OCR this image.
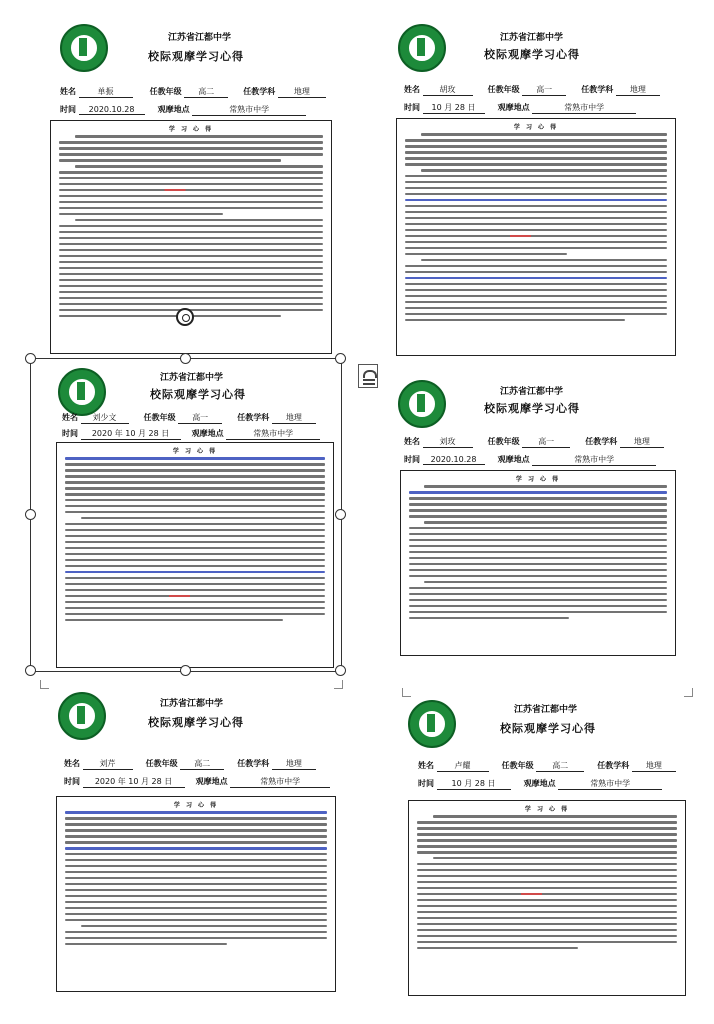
江苏省江都中学
校际观摩学习心得
姓名	单振	任教年级 高二	任教学科 地理
时间 2020.10.28	观摩地点	常熟市中学
学 习 心 得
江苏省江都中学
校际观摩学习心得
姓名 胡玫	任教年级 高一	任教学科 地理
时间 10 月 28 日	观摩地点	常熟市中学
学 习 心 得
江苏省江都中学
校际观摩学习心得
姓名 刘少文	任教年级 高一	任教学科 地理
时间 2020 年 10 月 28 日	观摩地点	常熟市中学
学 习 心 得
江苏省江都中学
校际观摩学习心得
姓名 刘玫	任教年级 高一	任教学科 地理
时间 2020.10.28	观摩地点	常熟市中学
学 习 心 得
江苏省江都中学
校际观摩学习心得
姓名 刘芹	任教年级 高二	任教学科 地理
时间 2020 年 10 月 28 日	观摩地点	常熟市中学
学 习 心 得
江苏省江都中学
校际观摩学习心得
姓名	卢耀	任教年级 高二	任教学科 地理
时间 10 月 28 日	观摩地点	常熟市中学
学 习 心 得
